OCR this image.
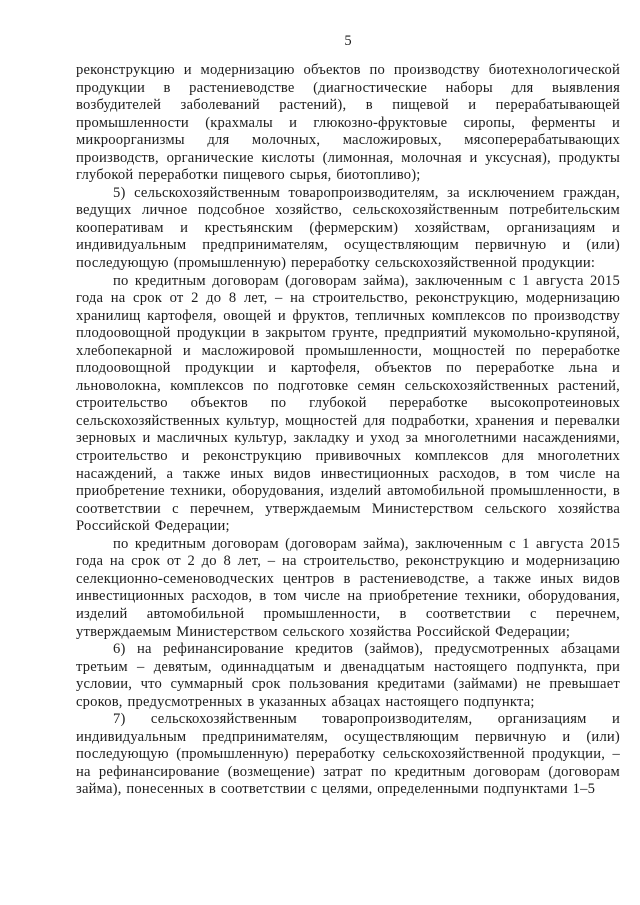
5

реконструкцию и модернизацию объектов по производству биотехнологической продукции в растениеводстве (диагностические наборы для выявления возбудителей заболеваний растений), в пищевой и перерабатывающей промышленности (крахмалы и глюкозно-фруктовые сиропы, ферменты и микроорганизмы для молочных, масложировых, мясоперерабатывающих производств, органические кислоты (лимонная, молочная и уксусная), продукты глубокой переработки пищевого сырья, биотопливо);

5) сельскохозяйственным товаропроизводителям, за исключением граждан, ведущих личное подсобное хозяйство, сельскохозяйственным потребительским кооперативам и крестьянским (фермерским) хозяйствам, организациям и индивидуальным предпринимателям, осуществляющим первичную и (или) последующую (промышленную) переработку сельскохозяйственной продукции:

по кредитным договорам (договорам займа), заключенным с 1 августа 2015 года на срок от 2 до 8 лет, – на строительство, реконструкцию, модернизацию хранилищ картофеля, овощей и фруктов, тепличных комплексов по производству плодоовощной продукции в закрытом грунте, предприятий мукомольно-крупяной, хлебопекарной и масложировой промышленности, мощностей по переработке плодоовощной продукции и картофеля, объектов по переработке льна и льноволокна, комплексов по подготовке семян сельскохозяйственных растений, строительство объектов по глубокой переработке высокопротеиновых сельскохозяйственных культур, мощностей для подработки, хранения и перевалки зерновых и масличных культур, закладку и уход за многолетними насаждениями, строительство и реконструкцию прививочных комплексов для многолетних насаждений, а также иных видов инвестиционных расходов, в том числе на приобретение техники, оборудования, изделий автомобильной промышленности, в соответствии с перечнем, утверждаемым Министерством сельского хозяйства Российской Федерации;

по кредитным договорам (договорам займа), заключенным с 1 августа 2015 года на срок от 2 до 8 лет, – на строительство, реконструкцию и модернизацию селекционно-семеноводческих центров в растениеводстве, а также иных видов инвестиционных расходов, в том числе на приобретение техники, оборудования, изделий автомобильной промышленности, в соответствии с перечнем, утверждаемым Министерством сельского хозяйства Российской Федерации;

6) на рефинансирование кредитов (займов), предусмотренных абзацами третьим – девятым, одиннадцатым и двенадцатым настоящего подпункта, при условии, что суммарный срок пользования кредитами (займами) не превышает сроков, предусмотренных в указанных абзацах настоящего подпункта;

7) сельскохозяйственным товаропроизводителям, организациям и индивидуальным предпринимателям, осуществляющим первичную и (или) последующую (промышленную) переработку сельскохозяйственной продукции, – на рефинансирование (возмещение) затрат по кредитным договорам (договорам займа), понесенных в соответствии с целями, определенными подпунктами 1–5
